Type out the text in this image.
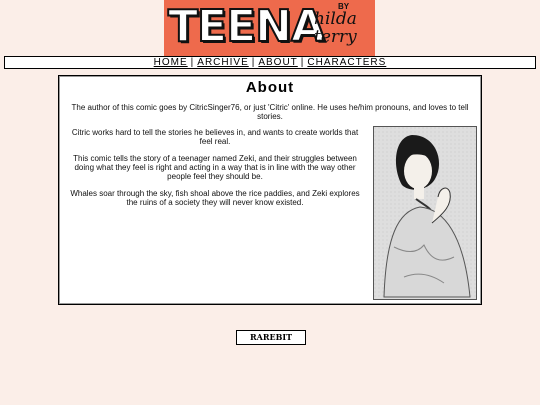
TEENA BY
hilda terry
HOME | ARCHIVE | ABOUT | CHARACTERS
About
The author of this comic goes by CitricSinger76, or just 'Citric' online. He uses he/him pronouns, and loves to tell stories.

Citric works hard to tell the stories he believes in, and wants to create worlds that feel real.

This comic tells the story of a teenager named Zeki, and their struggles between doing what they feel is right and acting in a way that is in line with the way other people feel they should be.

Whales soar through the sky, fish shoal above the rice paddies, and Zeki explores the ruins of a society they will never know existed.

RAREBIT
